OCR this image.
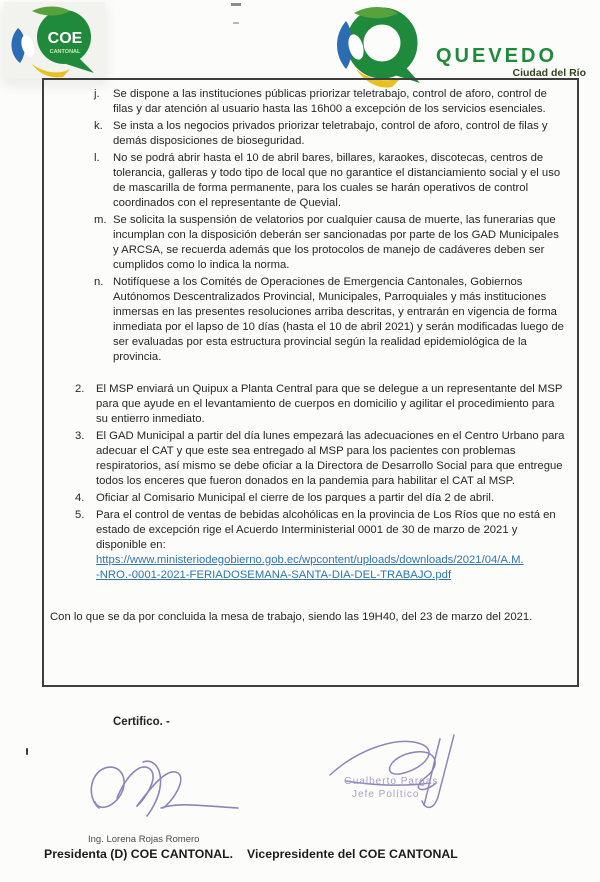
COE
CANTONAL	QUEVEDO
Ciudad del Río
j.	Se dispone a las instituciones públicas priorizar teletrabajo, control de aforo, control de filas y dar atención al usuario hasta las 16h00 a excepción de los servicios esenciales.
k. Se insta a los negocios privados priorizar teletrabajo, control de aforo, control de filas y demás disposiciones de bioseguridad.
l.	No se podrá abrir hasta el 10 de abril bares, billares, karaokes, discotecas, centros de tolerancia, galleras y todo tipo de local que no garantice el distanciamiento social y el uso de mascarilla de forma permanente, para los cuales se harán operativos de control coordinados con el representante de Quevial.
m. Se solicita la suspensión de velatorios por cualquier causa de muerte, las funerarias que incumplan con la disposición deberán ser sancionadas por parte de los GAD Municipales y ARCSA, se recuerda además que los protocolos de manejo de cadáveres deben ser cumplidos como lo indica la norma.
n. Notifíquese a los Comités de Operaciones de Emergencia Cantonales, Gobiernos Autónomos Descentralizados Provincial, Municipales, Parroquiales y más instituciones inmersas en las presentes resoluciones arriba descritas, y entrarán en vigencia de forma inmediata por el lapso de 10 días (hasta el 10 de abril 2021) y serán modificadas luego de ser evaluadas por esta estructura provincial según la realidad epidemiológica de la provincia.
2.	El MSP enviará un Quipux a Planta Central para que se delegue a un representante del MSP para que ayude en el levantamiento de cuerpos en domicilio y agilitar el procedimiento para su entierro inmediato.
3.	El GAD Municipal a partir del día lunes empezará las adecuaciones en el Centro Urbano para adecuar el CAT y que este sea entregado al MSP para los pacientes con problemas respiratorios, así mismo se debe oficiar a la Directora de Desarrollo Social para que entregue todos los enceres que fueron donados en la pandemia para habilitar el CAT al MSP.
4.	Oficiar al Comisario Municipal el cierre de los parques a partir del día 2 de abril.
5.	Para el control de ventas de bebidas alcohólicas en la provincia de Los Ríos que no está en estado de excepción rige el Acuerdo Interministerial 0001 de 30 de marzo de 2021 y disponible en:
https://www.ministeriodegobierno.gob.ec/wpcontent/uploads/downloads/2021/04/A.M.
-NRO.-0001-2021-FERIADOSEMANA-SANTA-DIA-DEL-TRABAJO.pdf

Con lo que se da por concluida la mesa de trabajo, siendo las 19H40, del 23 de marzo del 2021.

Certifico. -
Ing. Lorena Rojas Romero
Gualberto Pargas
Jefe Político
Presidenta (D) COE CANTONAL. Vicepresidente del COE CANTONAL
